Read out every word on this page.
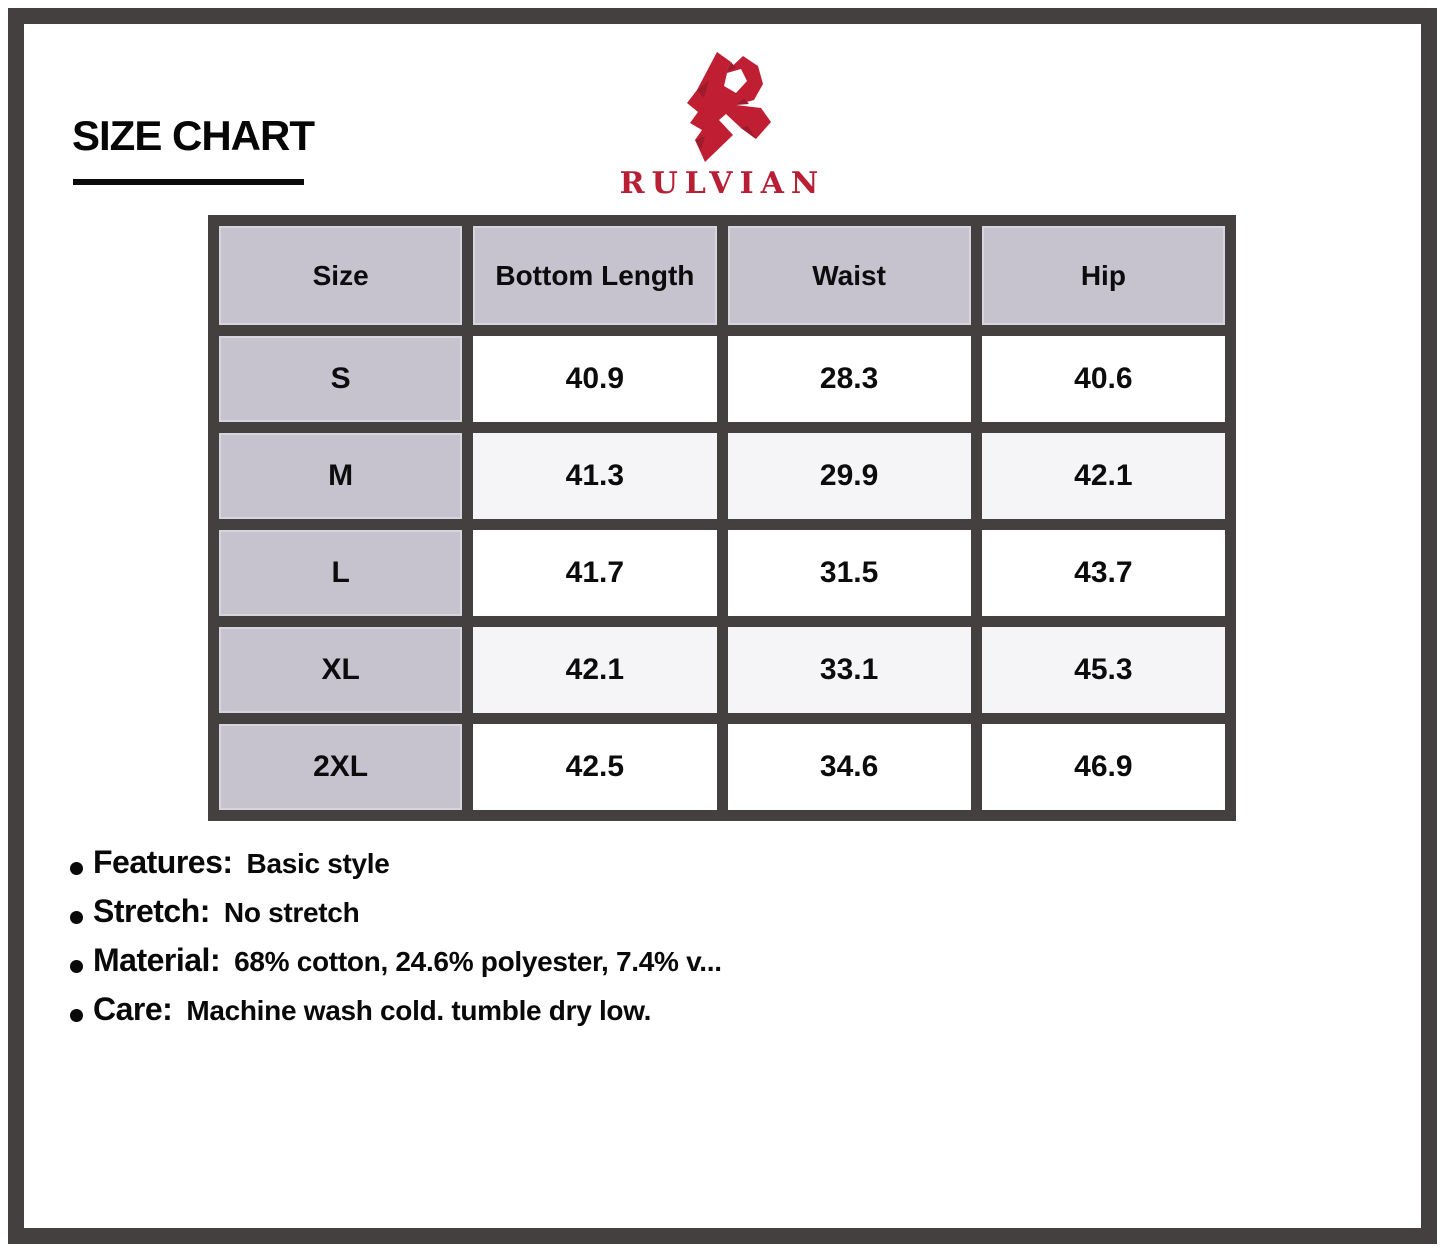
SIZE CHART
RULVIAN
Size	Bottom Length	Waist	Hip
S	40.9	28.3	40.6
M	41.3	29.9	42.1
L	41.7	31.5	43.7
XL	42.1	33.1	45.3
2XL	42.5	34.6	46.9
Features: Basic style
Stretch: No stretch
Material: 68% cotton, 24.6% polyester, 7.4% v...
Care: Machine wash cold. tumble dry low.
